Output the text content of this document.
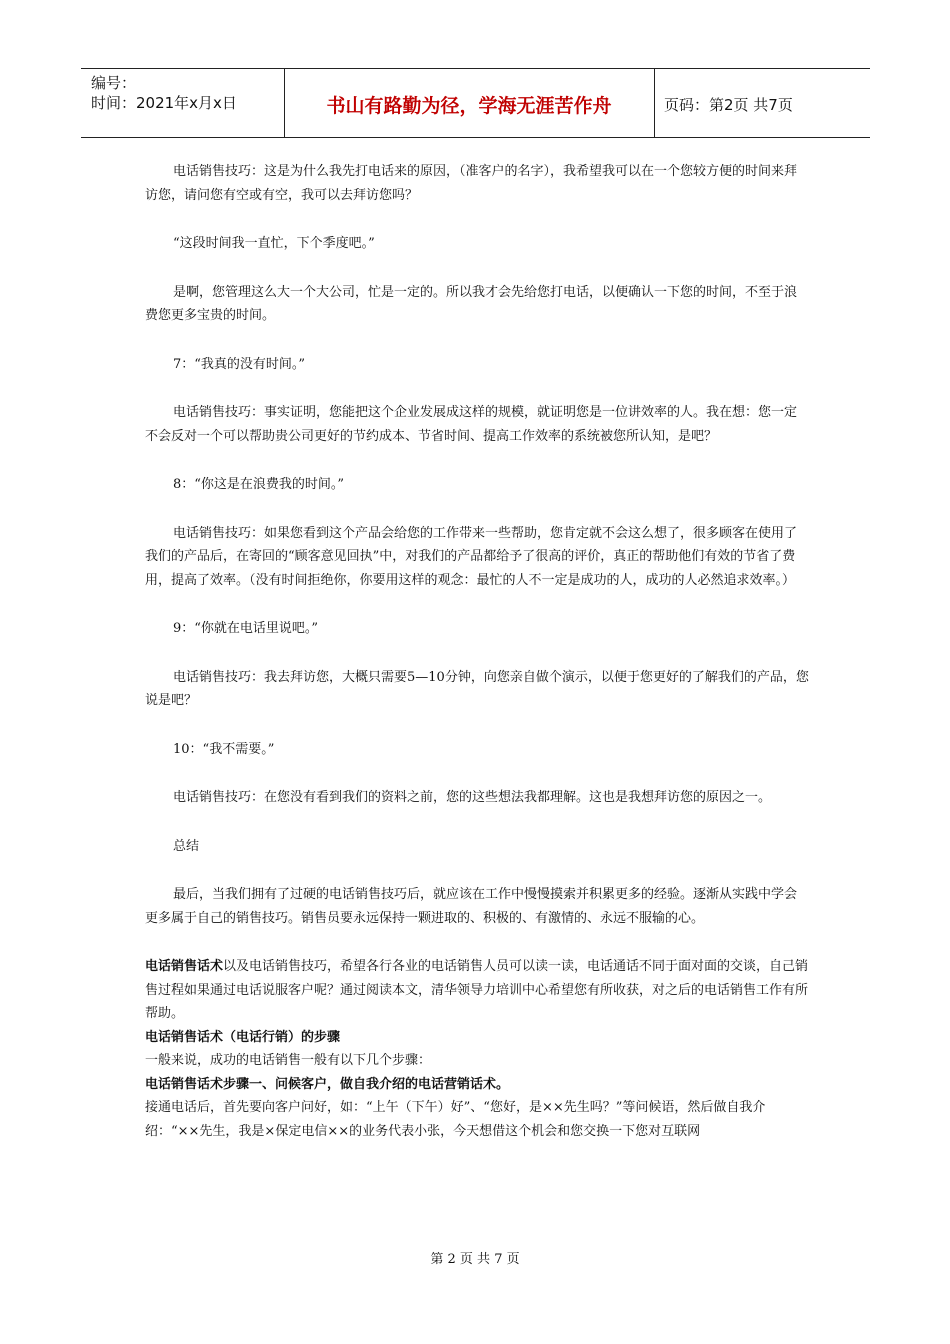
编号：
时间：2021年x月x日	书山有路勤为径，学海无涯苦作舟	页码：第2页 共7页

电话销售技巧：这是为什么我先打电话来的原因，（准客户的名字），我希望我可以在一个您较方便的时间来拜访您，请问您有空或有空，我可以去拜访您吗？

“这段时间我一直忙，下个季度吧。”

是啊，您管理这么大一个大公司，忙是一定的。所以我才会先给您打电话，以便确认一下您的时间，不至于浪费您更多宝贵的时间。

7：“我真的没有时间。”

电话销售技巧：事实证明，您能把这个企业发展成这样的规模，就证明您是一位讲效率的人。我在想：您一定不会反对一个可以帮助贵公司更好的节约成本、节省时间、提高工作效率的系统被您所认知，是吧？

8：“你这是在浪费我的时间。”

电话销售技巧：如果您看到这个产品会给您的工作带来一些帮助，您肯定就不会这么想了，很多顾客在使用了我们的产品后，在寄回的“顾客意见回执”中，对我们的产品都给予了很高的评价，真正的帮助他们有效的节省了费用，提高了效率。（没有时间拒绝你，你要用这样的观念：最忙的人不一定是成功的人，成功的人必然追求效率。）

9：“你就在电话里说吧。”

电话销售技巧：我去拜访您，大概只需要5—10分钟，向您亲自做个演示，以便于您更好的了解我们的产品，您说是吧？

10：“我不需要。”

电话销售技巧：在您没有看到我们的资料之前，您的这些想法我都理解。这也是我想拜访您的原因之一。

总结

最后，当我们拥有了过硬的电话销售技巧后，就应该在工作中慢慢摸索并积累更多的经验。逐渐从实践中学会更多属于自己的销售技巧。销售员要永远保持一颗进取的、积极的、有激情的、永远不服输的心。

电话销售话术以及电话销售技巧，希望各行各业的电话销售人员可以读一读，电话通话不同于面对面的交谈，自己销售过程如果通过电话说服客户呢？通过阅读本文，清华领导力培训中心希望您有所收获，对之后的电话销售工作有所帮助。

电话销售话术（电话行销）的步骤

一般来说，成功的电话销售一般有以下几个步骤：

电话销售话术步骤一、问候客户，做自我介绍的电话营销话术。

接通电话后，首先要向客户问好，如：“上午（下午）好”、“您好，是××先生吗？”等问候语，然后做自我介绍：“××先生，我是×保定电信××的业务代表小张，今天想借这个机会和您交换一下您对互联网

第 2 页 共 7 页
